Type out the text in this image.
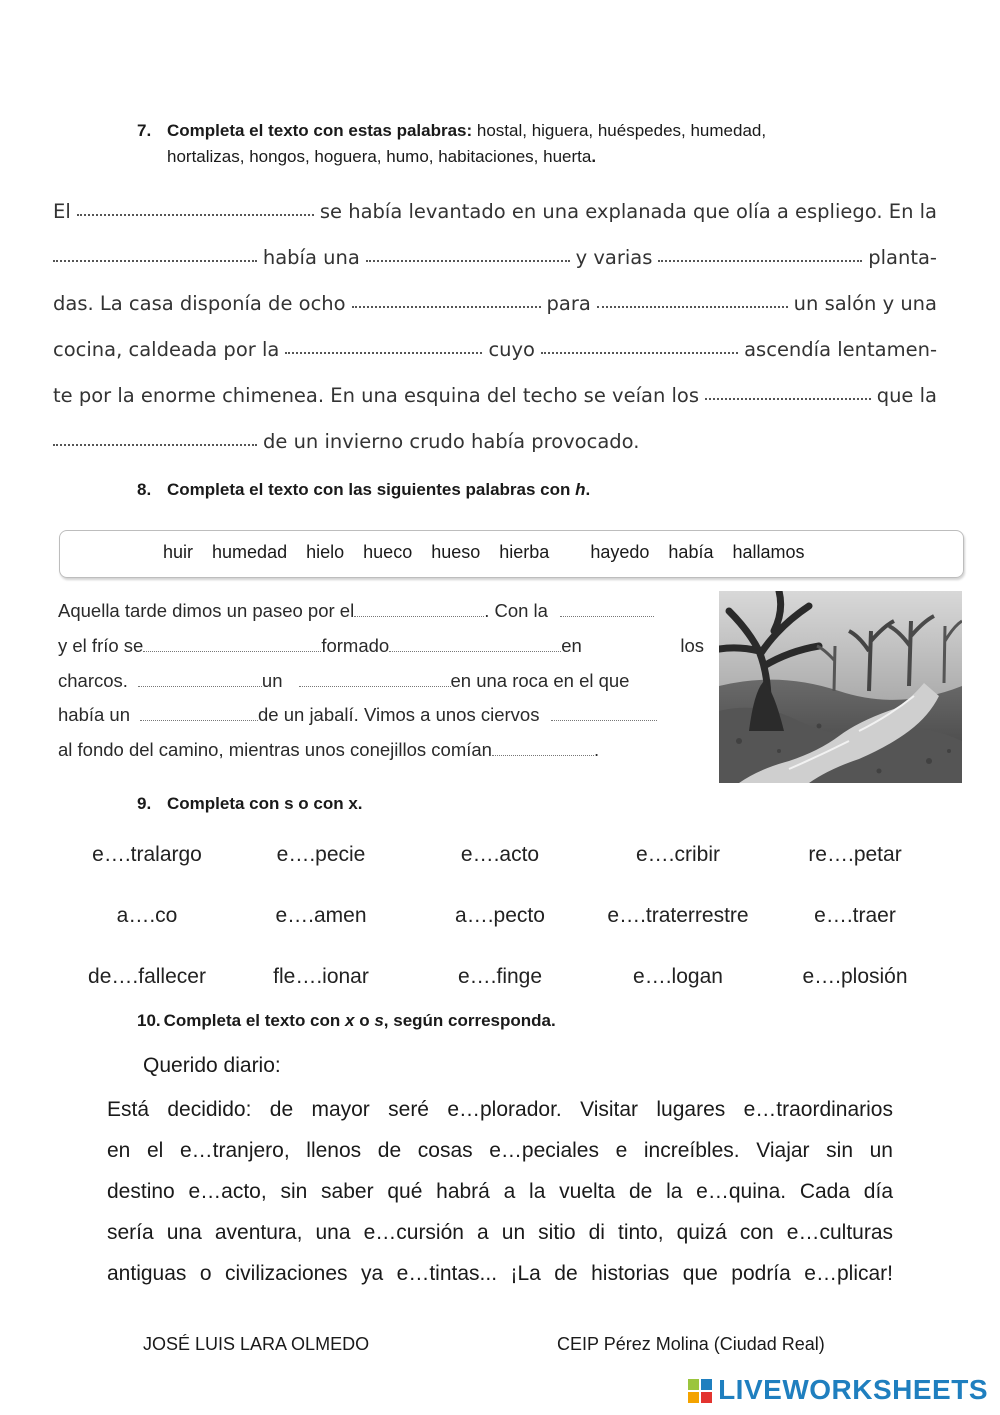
7. Completa el texto con estas palabras: hostal, higuera, huéspedes, humedad,
hortalizas, hongos, hoguera, humo, habitaciones, huerta.
El	se había levantado en una explanada que olía a espliego. En la
había una	y varias	planta-
das. La casa disponía de ocho	para	un salón y una
cocina, caldeada por la	cuyo	ascendía lentamen-
te por la enorme chimenea. En una esquina del techo se veían los	que la
de un invierno crudo había provocado.
8. Completa el texto con las siguientes palabras con h.
huir humedad hielo hueco hueso hierba hayedo había hallamos
Aquella tarde dimos un paseo por el	. Con la
y el frío se	formado	en	los
charcos.	un	en una roca en el que
había un	de un jabalí. Vimos a unos ciervos
al fondo del camino, mientras unos conejillos comían	.
9. Completa con s o con x.
e….tralargo	e….pecie	e….acto	e….cribir	re….petar
a….co	e….amen	a….pecto	e….traterrestre	e….traer
de….fallecer	fle….ionar	e….finge	e….logan	e….plosión
10. Completa el texto con x o s, según corresponda.
Querido diario:
Está decidido: de mayor seré e…plorador. Visitar lugares e…traordinarios
en el e…tranjero, llenos de cosas e…peciales e increíbles. Viajar sin un
destino e…acto, sin saber qué habrá a la vuelta de la e…quina. Cada día
sería una aventura, una e…cursión a un sitio di tinto, quizá con e…culturas
antiguas o civilizaciones ya e…tintas... ¡La de historias que podría e…plicar!
JOSÉ LUIS LARA OLMEDO	CEIP Pérez Molina (Ciudad Real)
LIVEWORKSHEETS
